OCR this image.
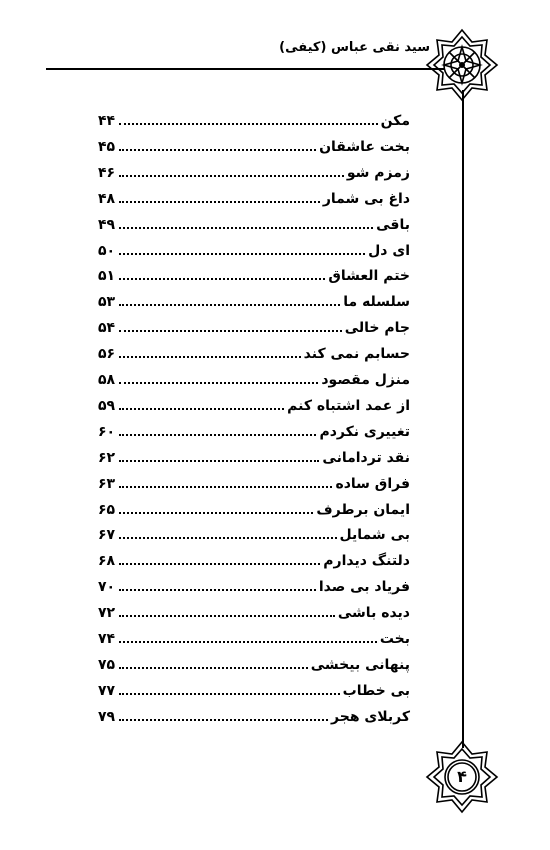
سید نقی عباس (کیفی)
مکن
۴۴
بخت عاشقان
۴۵
زمزم شو
۴۶
داغ بی شمار
۴۸
باقی
۴۹
ای دل
۵۰
ختم العشاق
۵۱
سلسله ما
۵۳
جام خالی
۵۴
حسابم نمی کند
۵۶
منزل مقصود
۵۸
از عمد اشتباه کنم
۵۹
تغییری نکردم
۶۰
نقد تردامانی
۶۲
فراق ساده
۶۳
ایمان برطرف
۶۵
بی شمایل
۶۷
دلتنگ دیدارم
۶۸
فریاد بی صدا
۷۰
دیده باشی
۷۲
بخت
۷۴
پنهانی بیخشی
۷۵
بی خطاب
۷۷
کربلای هجر
۷۹
۴
